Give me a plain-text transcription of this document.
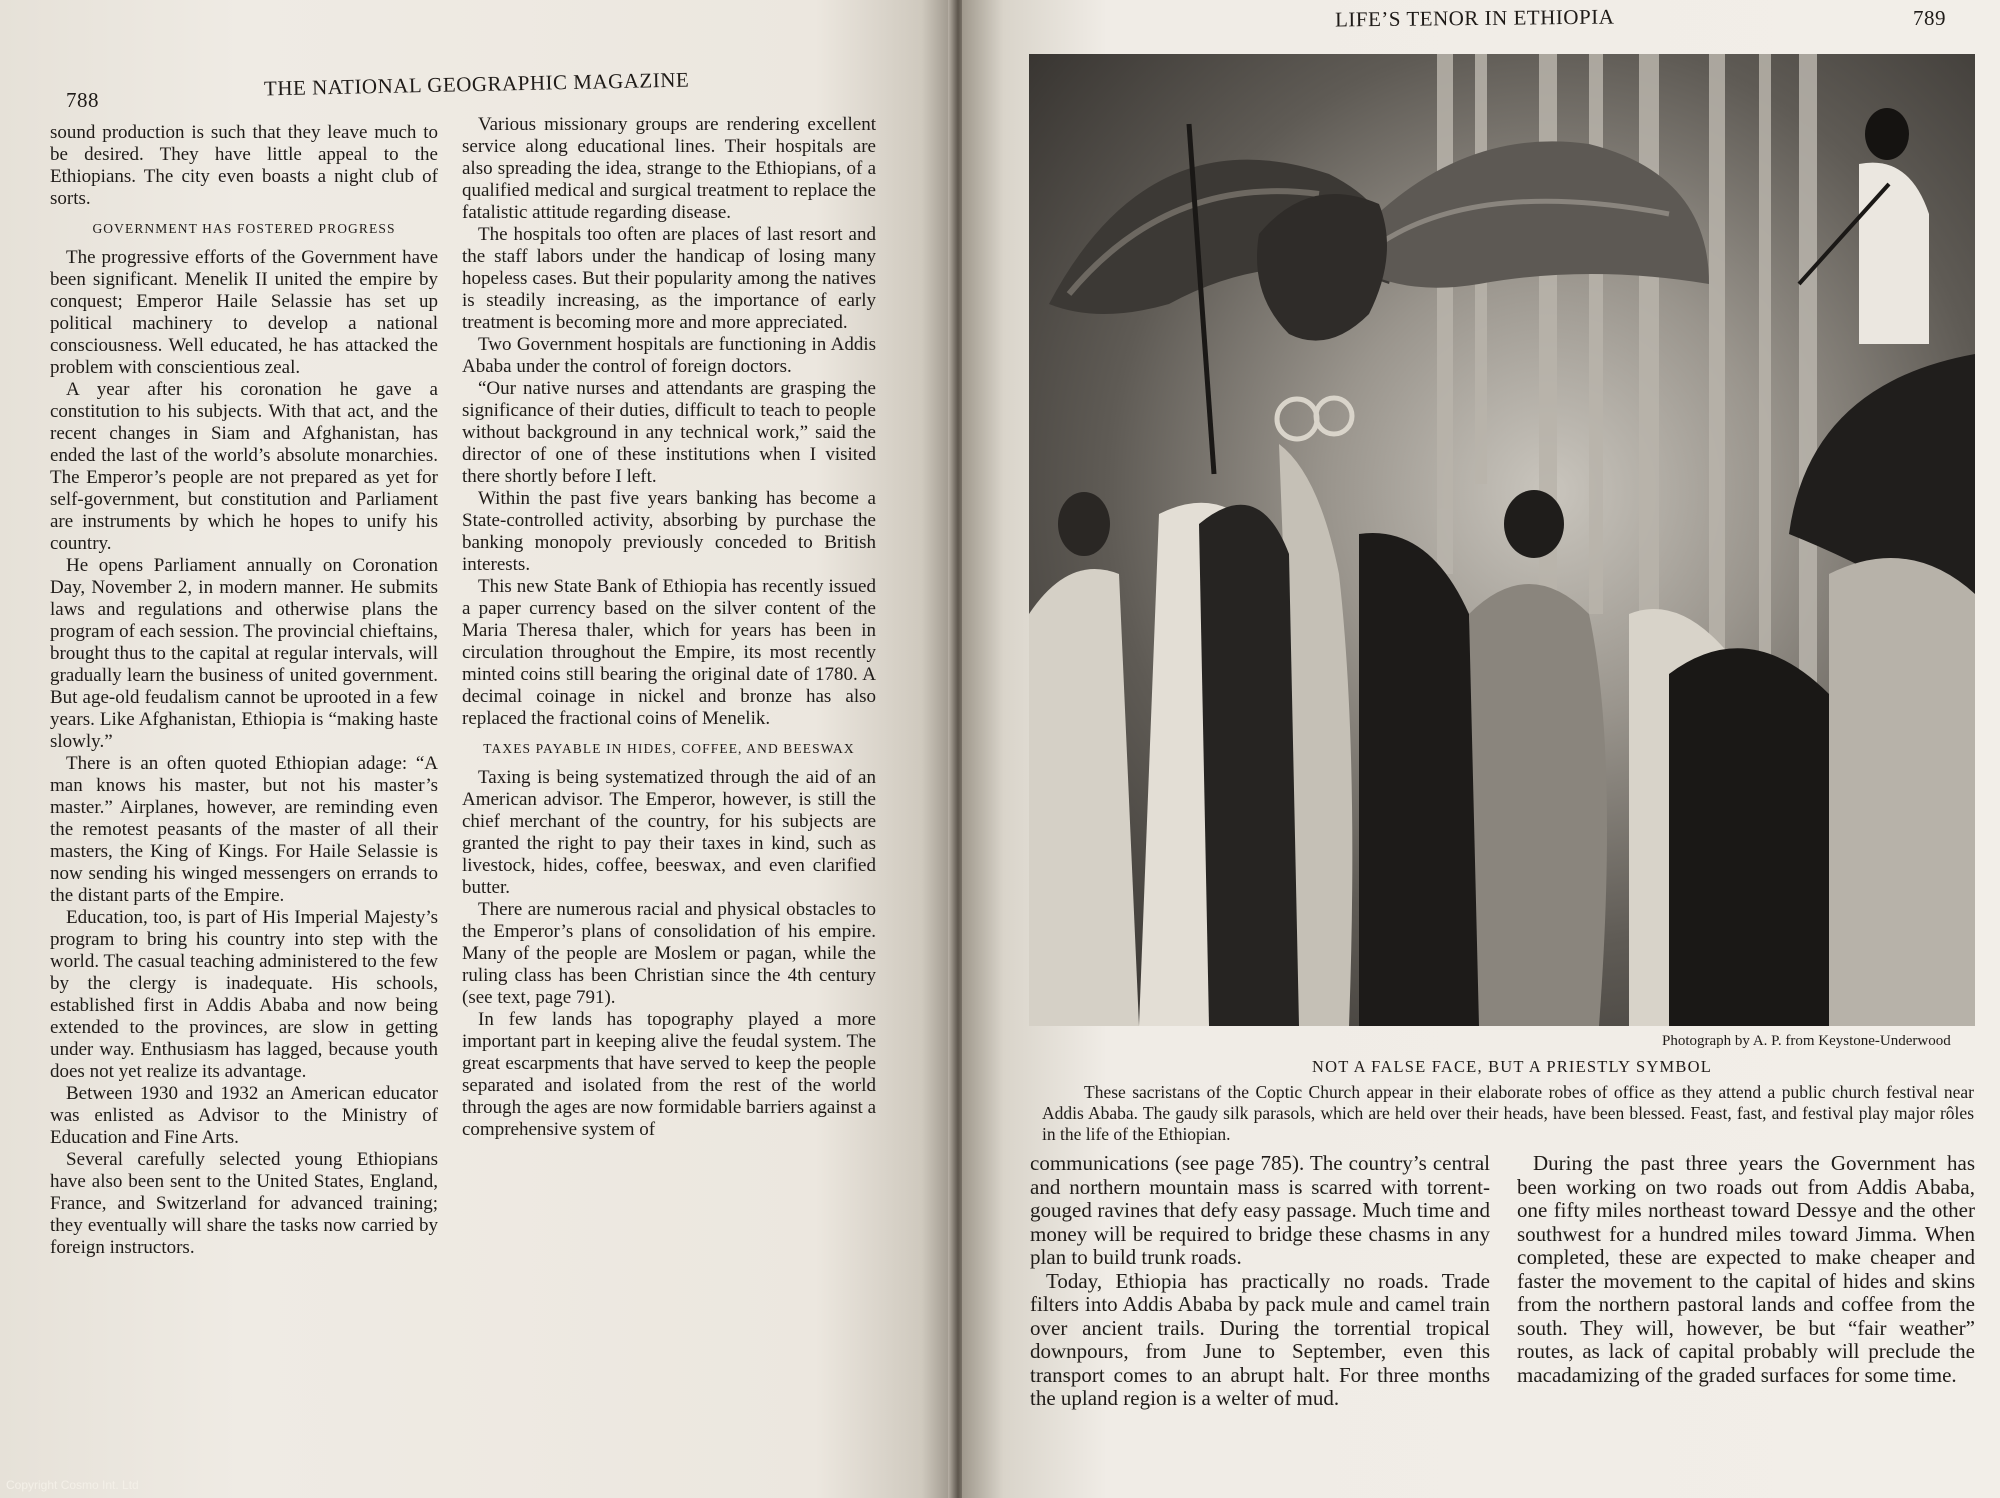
788	THE NATIONAL GEOGRAPHIC MAGAZINE

sound production is such that they leave much to be desired. They have little appeal to the Ethiopians. The city even boasts a night club of sorts.

GOVERNMENT HAS FOSTERED PROGRESS

The progressive efforts of the Government have been significant. Menelik II united the empire by conquest; Emperor Haile Selassie has set up political machinery to develop a national consciousness. Well educated, he has attacked the problem with conscientious zeal.

A year after his coronation he gave a constitution to his subjects. With that act, and the recent changes in Siam and Afghanistan, has ended the last of the world’s absolute monarchies. The Emperor’s people are not prepared as yet for self-government, but constitution and Parliament are instruments by which he hopes to unify his country.

He opens Parliament annually on Coronation Day, November 2, in modern manner. He submits laws and regulations and otherwise plans the program of each session. The provincial chieftains, brought thus to the capital at regular intervals, will gradually learn the business of united government. But age-old feudalism cannot be uprooted in a few years. Like Afghanistan, Ethiopia is “making haste slowly.”

There is an often quoted Ethiopian adage: “A man knows his master, but not his master’s master.” Airplanes, however, are reminding even the remotest peasants of the master of all their masters, the King of Kings. For Haile Selassie is now sending his winged messengers on errands to the distant parts of the Empire.

Education, too, is part of His Imperial Majesty’s program to bring his country into step with the world. The casual teaching administered to the few by the clergy is inadequate. His schools, established first in Addis Ababa and now being extended to the provinces, are slow in getting under way. Enthusiasm has lagged, because youth does not yet realize its advantage.

Between 1930 and 1932 an American educator was enlisted as Advisor to the Ministry of Education and Fine Arts.

Several carefully selected young Ethiopians have also been sent to the United States, England, France, and Switzerland for advanced training; they eventually will share the tasks now carried by foreign instructors.

Various missionary groups are rendering excellent service along educational lines. Their hospitals are also spreading the idea, strange to the Ethiopians, of a qualified medical and surgical treatment to replace the fatalistic attitude regarding disease.

The hospitals too often are places of last resort and the staff labors under the handicap of losing many hopeless cases. But their popularity among the natives is steadily increasing, as the importance of early treatment is becoming more and more appreciated.

Two Government hospitals are functioning in Addis Ababa under the control of foreign doctors.

“Our native nurses and attendants are grasping the significance of their duties, difficult to teach to people without background in any technical work,” said the director of one of these institutions when I visited there shortly before I left.

Within the past five years banking has become a State-controlled activity, absorbing by purchase the banking monopoly previously conceded to British interests.

This new State Bank of Ethiopia has recently issued a paper currency based on the silver content of the Maria Theresa thaler, which for years has been in circulation throughout the Empire, its most recently minted coins still bearing the original date of 1780. A decimal coinage in nickel and bronze has also replaced the fractional coins of Menelik.

TAXES PAYABLE IN HIDES, COFFEE, AND BEESWAX

Taxing is being systematized through the aid of an American advisor. The Emperor, however, is still the chief merchant of the country, for his subjects are granted the right to pay their taxes in kind, such as livestock, hides, coffee, beeswax, and even clarified butter.

There are numerous racial and physical obstacles to the Emperor’s plans of consolidation of his empire. Many of the people are Moslem or pagan, while the ruling class has been Christian since the 4th century (see text, page 791).

In few lands has topography played a more important part in keeping alive the feudal system. The great escarpments that have served to keep the people separated and isolated from the rest of the world through the ages are now formidable barriers against a comprehensive system of

LIFE’S TENOR IN ETHIOPIA	789
Photograph by A. P. from Keystone-Underwood
NOT A FALSE FACE, BUT A PRIESTLY SYMBOL

These sacristans of the Coptic Church appear in their elaborate robes of office as they attend a public church festival near Addis Ababa. The gaudy silk parasols, which are held over their heads, have been blessed. Feast, fast, and festival play major rôles in the life of the Ethiopian.

communications (see page 785). The country’s central and northern mountain mass is scarred with torrent-gouged ravines that defy easy passage. Much time and money will be required to bridge these chasms in any plan to build trunk roads.

Today, Ethiopia has practically no roads. Trade filters into Addis Ababa by pack mule and camel train over ancient trails. During the torrential tropical downpours, from June to September, even this transport comes to an abrupt halt. For three months the upland region is a welter of mud.

During the past three years the Government has been working on two roads out from Addis Ababa, one fifty miles northeast toward Dessye and the other southwest for a hundred miles toward Jimma. When completed, these are expected to make cheaper and faster the movement to the capital of hides and skins from the northern pastoral lands and coffee from the south. They will, however, be but “fair weather” routes, as lack of capital probably will preclude the macadamizing of the graded surfaces for some time.

Copyright Cosmo Int. Ltd
